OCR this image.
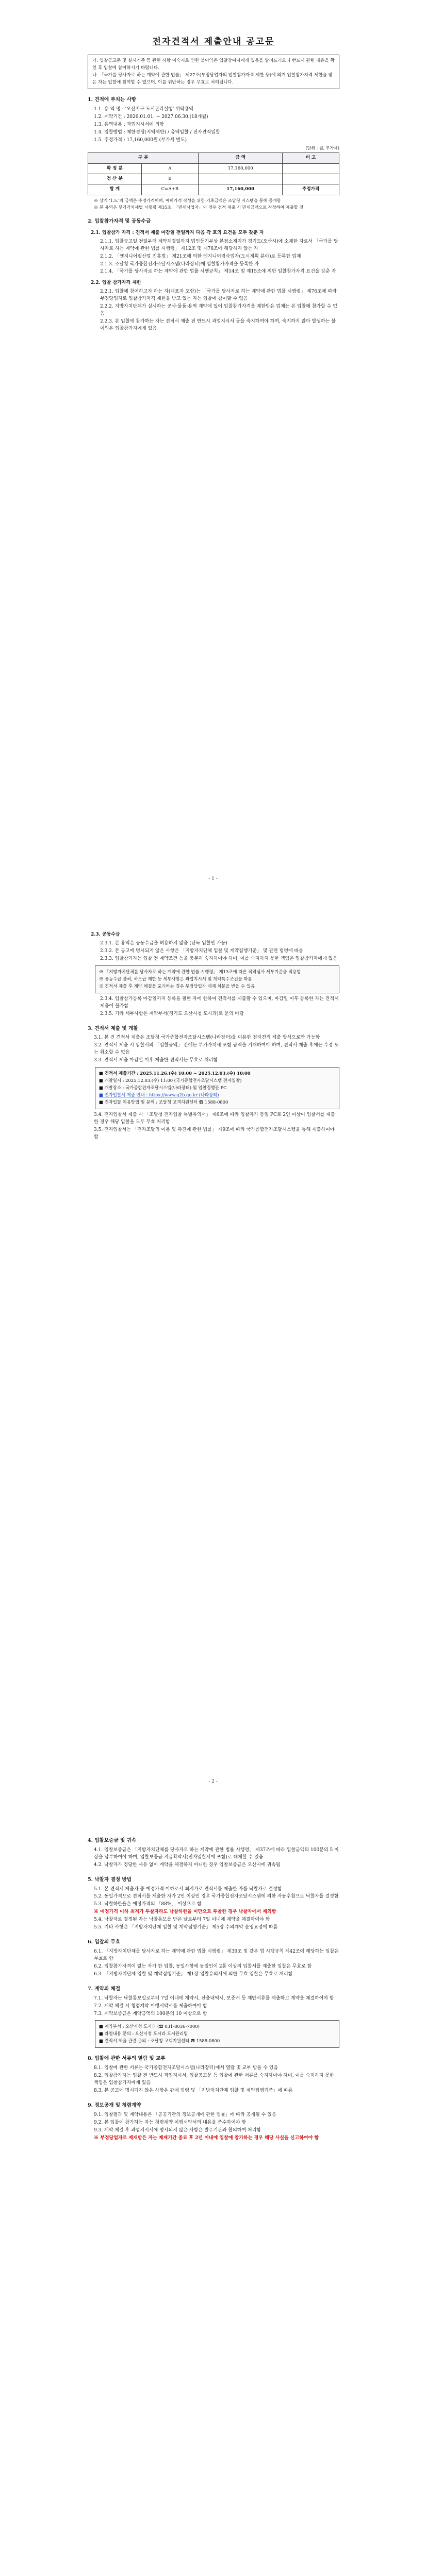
전자견적서 제출안내 공고문

가. 입찰공고문 및 실시기준 등 관련 사항 미숙지로 인한 불이익은 입찰참여자에게 있음을 알려드리오니 반드시 관련 내용을 확인 후 입찰에 참여하시기 바랍니다.

나. 「국가를 당사자로 하는 계약에 관한 법률」 제27조(부정당업자의 입찰참가자격 제한 등)에 의거 입찰참가자격 제한을 받은 자는 입찰에 참여할 수 없으며, 이를 위반하는 경우 무효로 처리됩니다.

1. 견적에 부치는 사항
1.1. 용 역 명 : '오산지구 도시관리실행' 위탁용역
1.2. 계약기간 : 2026.01.01. ~ 2027.06.30.(18개월)
1.3. 용역내용 : 과업지시서에 의함
1.4. 입찰방법 : 제한경쟁(지역제한) / 총액입찰 / 전자견적입찰
1.5. 추정가격 : 17,160,000원 (부가세 별도)
(단위 : 원, 부가세)
구 분		금 액	비 고
확 정 분	A	17,160,000	
정 산 분	B		
합 계	C=A+B	17,160,000	추정가격
※ 상기 '1.5.'의 금액은 추정가격이며, 예비가격 작성을 위한 기초금액은 조달청 시스템을 통해 공개함
※ 본 용역은 부가가치세법 시행령 제35조, 「면세사업자」의 경우 견적 제출 시 면세금액으로 작성하여 제출할 것
2. 입찰참가자격 및 공동수급
2.1. 입찰참가 자격 : 견적서 제출 마감일 전일까지 다음 각 호의 요건을 모두 갖춘 자
2.1.1. 입찰공고일 전일부터 계약체결일까지 법인등기부상 본점소재지가 경기도(오산시)에 소재한 자로서 「국가를 당사자로 하는 계약에 관한 법률 시행령」 제12조 및 제76조에 해당하지 않는 자
2.1.2. 「엔지니어링산업 진흥법」 제21조에 의한 엔지니어링사업자(도시계획 분야)로 등록한 업체
2.1.3. 조달청 국가종합전자조달시스템(나라장터)에 입찰참가자격을 등록한 자
2.1.4. 「국가를 당사자로 하는 계약에 관한 법률 시행규칙」 제14조 및 제15조에 의한 입찰참가자격 요건을 갖춘 자
2.2. 입찰 참가자격 제한
2.2.1. 입찰에 참여하고자 하는 자(대표자 포함)는 「국가를 당사자로 하는 계약에 관한 법률 시행령」 제76조에 따라 부정당업자로 입찰참가자격 제한을 받고 있는 자는 입찰에 참여할 수 없음
2.2.2. 지방자치단체가 실시하는 공사·물품·용역 계약에 있어 입찰참가자격을 제한받은 업체는 본 입찰에 참가할 수 없음
2.2.3. 본 입찰에 참가하는 자는 견적서 제출 전 반드시 과업지시서 등을 숙지하여야 하며, 숙지하지 않아 발생하는 불이익은 입찰참가자에게 있음
- 1 -
2.3. 공동수급
2.3.1. 본 용역은 공동수급을 허용하지 않음 (단독 입찰만 가능)
2.3.2. 본 공고에 명시되지 않은 사항은 「지방자치단체 입찰 및 계약집행기준」 및 관련 법령에 따름
2.3.3. 입찰참가자는 입찰 전 계약조건 등을 충분히 숙지하여야 하며, 이를 숙지하지 못한 책임은 입찰참가자에게 있음

※ 「지방자치단체를 당사자로 하는 계약에 관한 법률 시행령」 제13조에 따른 적격심사 세부기준을 적용함

※ 공동수급 불허, 하도급 제한 등 세부사항은 과업지시서 및 계약특수조건을 따름

※ 견적서 제출 후 계약 체결을 포기하는 경우 부정당업자 제재 처분을 받을 수 있음

2.3.4. 입찰참가등록 마감일까지 등록을 필한 자에 한하여 견적서를 제출할 수 있으며, 마감일 이후 등록한 자는 견적서 제출이 불가함
2.3.5. 기타 세부사항은 계약부서(경기도 오산시청 도시과)로 문의 바람
3. 견적서 제출 및 개찰
3.1. 본 건 견적서 제출은 조달청 국가종합전자조달시스템(나라장터)을 이용한 전자견적 제출 방식으로만 가능함
3.2. 견적서 제출 시 입찰서의 「입찰금액」 칸에는 부가가치세 포함 금액을 기재하여야 하며, 견적서 제출 후에는 수정 또는 취소할 수 없음
3.3. 견적서 제출 마감일 이후 제출한 견적서는 무효로 처리함

■ 견적서 제출기간 : 2025.11.26.(수) 10:00 ~ 2025.12.03.(수) 10:00

■ 개찰일시 : 2025.12.03.(수) 11:00 (국가종합전자조달시스템 전자입찰)

■ 개찰장소 : 국가종합전자조달시스템(나라장터) 및 입찰집행관 PC

■ 전자입찰서 제출 안내 : https://www.g2b.go.kr (나라장터)

■ 전자입찰 이용방법 및 문의 : 조달청 고객지원센터 ☎ 1588-0800

3.4. 전자입찰서 제출 시 「조달청 전자입찰 특별유의서」 제6조에 따라 입찰자가 동일 PC로 2인 이상이 입찰서를 제출한 경우 해당 입찰을 모두 무효 처리함
3.5. 전자입찰서는 「전자조달의 이용 및 촉진에 관한 법률」 제9조에 따라 국가종합전자조달시스템을 통해 제출하여야 함
- 2 -
4. 입찰보증금 및 귀속
4.1. 입찰보증금은 「지방자치단체를 당사자로 하는 계약에 관한 법률 시행령」 제37조에 따라 입찰금액의 100분의 5 이상을 납부하여야 하며, 입찰보증금 지급확약서(전자입찰서에 포함)로 대체할 수 있음
4.2. 낙찰자가 정당한 사유 없이 계약을 체결하지 아니한 경우 입찰보증금은 오산시에 귀속됨
5. 낙찰자 결정 방법
5.1. 본 견적서 제출자 중 예정가격 이하로서 최저가로 견적서를 제출한 자를 낙찰자로 결정함
5.2. 동일가격으로 견적서를 제출한 자가 2인 이상인 경우 국가종합전자조달시스템에 의한 자동추첨으로 낙찰자를 결정함
5.3. 낙찰하한율은 예정가격의 「88%」 이상으로 함
※ 예정가격 이하 최저가 투찰자라도 낙찰하한율 미만으로 투찰한 경우 낙찰자에서 제외함
5.4. 낙찰자로 결정된 자는 낙찰통보를 받은 날로부터 7일 이내에 계약을 체결하여야 함
5.5. 기타 사항은 「지방자치단체 입찰 및 계약집행기준」 제5장 수의계약 운영요령에 따름
6. 입찰의 무효
6.1. 「지방자치단체를 당사자로 하는 계약에 관한 법률 시행령」 제39조 및 같은 법 시행규칙 제42조에 해당하는 입찰은 무효로 함
6.2. 입찰참가자격이 없는 자가 한 입찰, 동일사항에 동일인이 2통 이상의 입찰서를 제출한 입찰은 무효로 함
6.3. 「지방자치단체 입찰 및 계약집행기준」 제1장 입찰유의서에 의한 무효 입찰은 무효로 처리함
7. 계약의 체결
7.1. 낙찰자는 낙찰통보일로부터 7일 이내에 계약서, 산출내역서, 보증서 등 제반서류를 제출하고 계약을 체결하여야 함
7.2. 계약 체결 시 청렴계약 이행서약서를 제출하여야 함
7.3. 계약보증금은 계약금액의 100분의 10 이상으로 함

■ 계약부서 : 오산시청 도시과 (☎ 031-8036-7000)

■ 과업내용 문의 : 오산시청 도시과 도시관리팀

■ 견적서 제출 관련 문의 : 조달청 고객지원센터 ☎ 1588-0800

8. 입찰에 관한 서류의 열람 및 교부
8.1. 입찰에 관한 서류는 국가종합전자조달시스템(나라장터)에서 열람 및 교부 받을 수 있음
8.2. 입찰참가자는 입찰 전 반드시 과업지시서, 입찰공고문 등 입찰에 관한 서류를 숙지하여야 하며, 이를 숙지하지 못한 책임은 입찰참가자에게 있음
8.3. 본 공고에 명시되지 않은 사항은 관계 법령 및 「지방자치단체 입찰 및 계약집행기준」에 따름
9. 정보공개 및 청렴계약
9.1. 입찰결과 및 계약내용은 「공공기관의 정보공개에 관한 법률」에 따라 공개될 수 있음
9.2. 본 입찰에 참가하는 자는 청렴계약 이행서약서의 내용을 준수하여야 함
9.3. 계약 체결 후 과업지시서에 명시되지 않은 사항은 발주기관과 협의하여 처리함
※ 부정당업자로 제재받은 자는 제재기간 종료 후 2년 이내에 입찰에 참가하는 경우 해당 사실을 신고하여야 함
